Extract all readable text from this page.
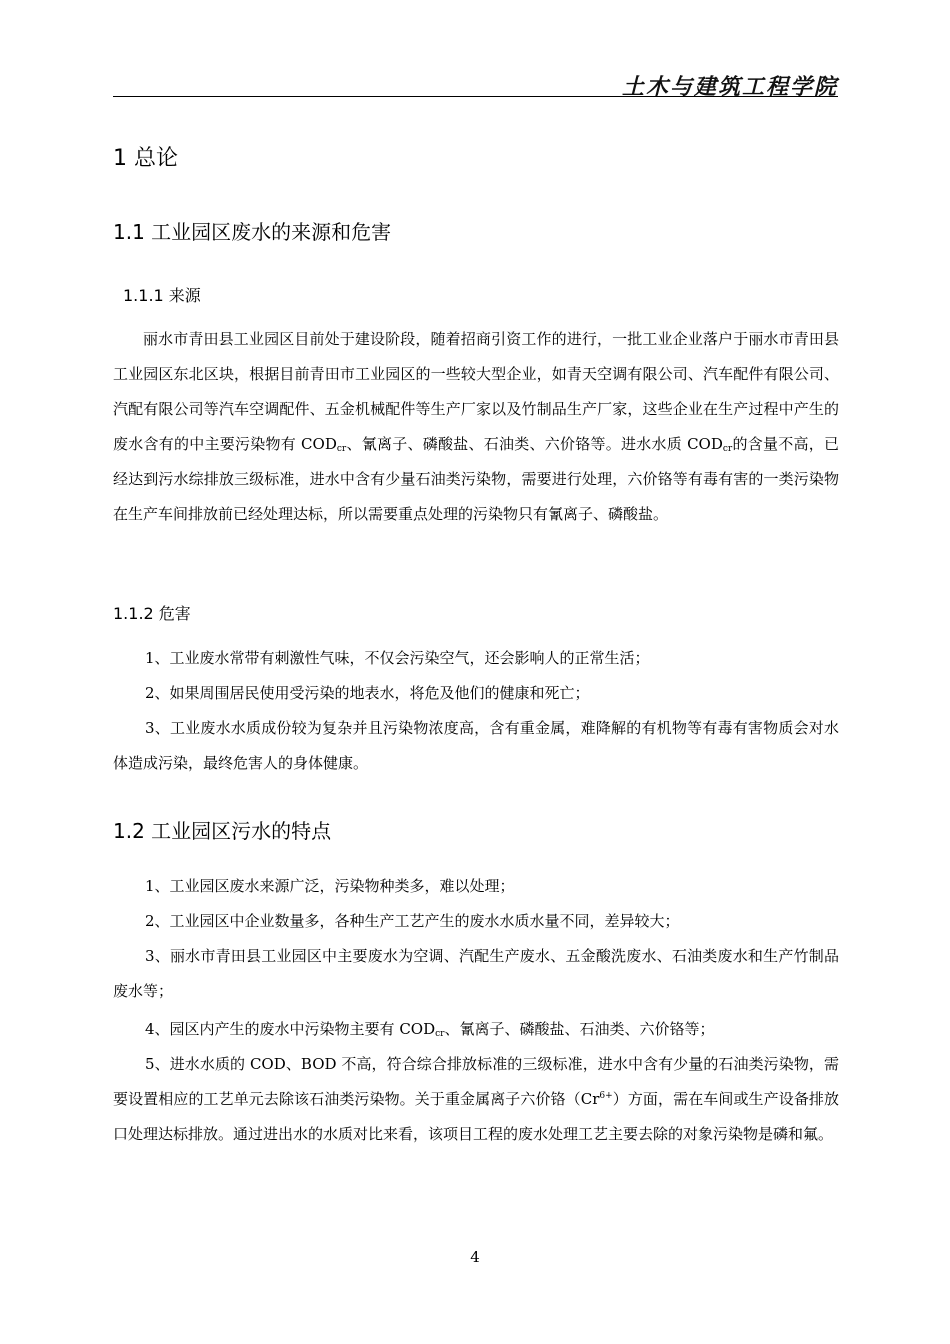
土木与建筑工程学院
1 总论
1.1 工业园区废水的来源和危害
1.1.1 来源

丽水市青田县工业园区目前处于建设阶段，随着招商引资工作的进行，一批工业企业落户于丽水市青田县工业园区东北区块，根据目前青田市工业园区的一些较大型企业，如青天空调有限公司、汽车配件有限公司、汽配有限公司等汽车空调配件、五金机械配件等生产厂家以及竹制品生产厂家，这些企业在生产过程中产生的废水含有的中主要污染物有 $COD_{cr}$、氰离子、磷酸盐、石油类、六价铬等。进水水质 $COD_{cr}$的含量不高，已经达到污水综排放三级标准，进水中含有少量石油类污染物，需要进行处理，六价铬等有毒有害的一类污染物在生产车间排放前已经处理达标，所以需要重点处理的污染物只有氰离子、磷酸盐。

1.1.2 危害

1、工业废水常带有刺激性气味，不仅会污染空气，还会影响人的正常生活；

2、如果周围居民使用受污染的地表水，将危及他们的健康和死亡；

3、工业废水水质成份较为复杂并且污染物浓度高，含有重金属，难降解的有机物等有毒有害物质会对水体造成污染，最终危害人的身体健康。

1.2 工业园区污水的特点

1、工业园区废水来源广泛，污染物种类多，难以处理；

2、工业园区中企业数量多，各种生产工艺产生的废水水质水量不同，差异较大；

3、丽水市青田县工业园区中主要废水为空调、汽配生产废水、五金酸洗废水、石油类废水和生产竹制品废水等；

4、园区内产生的废水中污染物主要有 $COD_{cr}$、氰离子、磷酸盐、石油类、六价铬等；

5、进水水质的 COD、BOD 不高，符合综合排放标准的三级标准，进水中含有少量的石油类污染物，需要设置相应的工艺单元去除该石油类污染物。关于重金属离子六价铬$(Cr^{6+})$方面，需在车间或生产设备排放口处理达标排放。通过进出水的水质对比来看，该项目工程的废水处理工艺主要去除的对象污染物是磷和氟。

4
